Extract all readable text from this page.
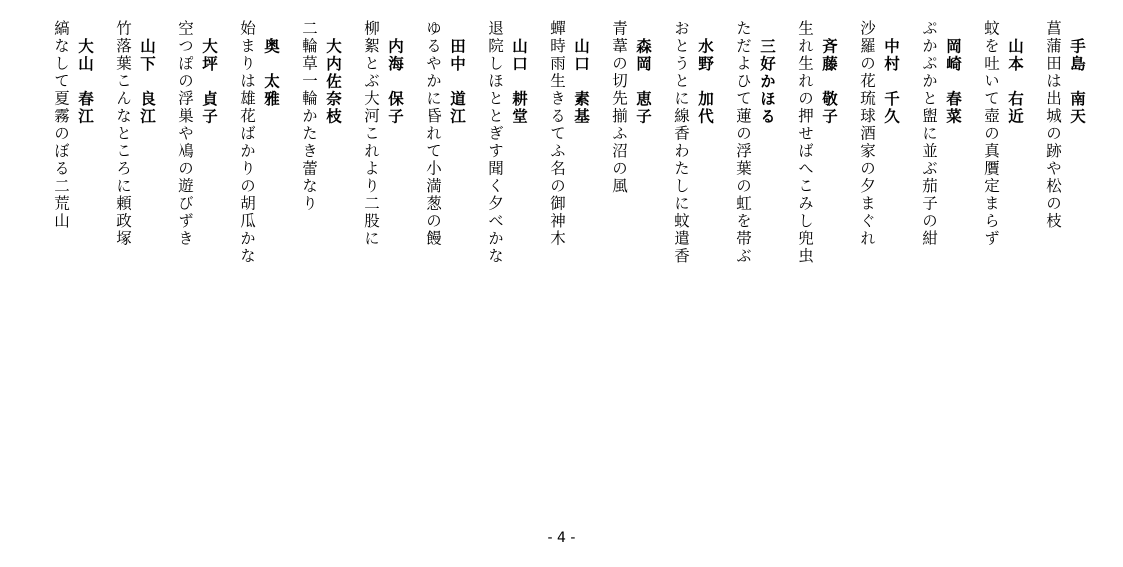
手島　南天
菖蒲田は出城の跡や松の枝
山本　右近
蚊を吐いて壺の真贋定まらず
岡崎　春菜
ぷかぷかと盥に並ぶ茄子の紺
中村　千久
沙羅の花琉球酒家の夕まぐれ
斉藤　敬子
生れ生れの押せばへこみし兜虫
三好かほる
ただよひて蓮の浮葉の虹を帯ぶ
水野　加代
おとうとに線香わたしに蚊遣香
森岡　恵子
青葦の切先揃ふ沼の風
山口　素基
蟬時雨生きるてふ名の御神木
山口　耕堂
退院しほととぎす聞く夕べかな
田中　道江
ゆるやかに昏れて小満葱の饅
内海　保子
柳絮とぶ大河これより二股に
大内佐奈枝
二輪草一輪かたき蕾なり
奥　太雅
始まりは雄花ばかりの胡瓜かな
大坪　貞子
空つぽの浮巣や鳰の遊びずき
山下　良江
竹落葉こんなところに頼政塚
大山　春江
縞なして夏霧のぼる二荒山
- 4 -
